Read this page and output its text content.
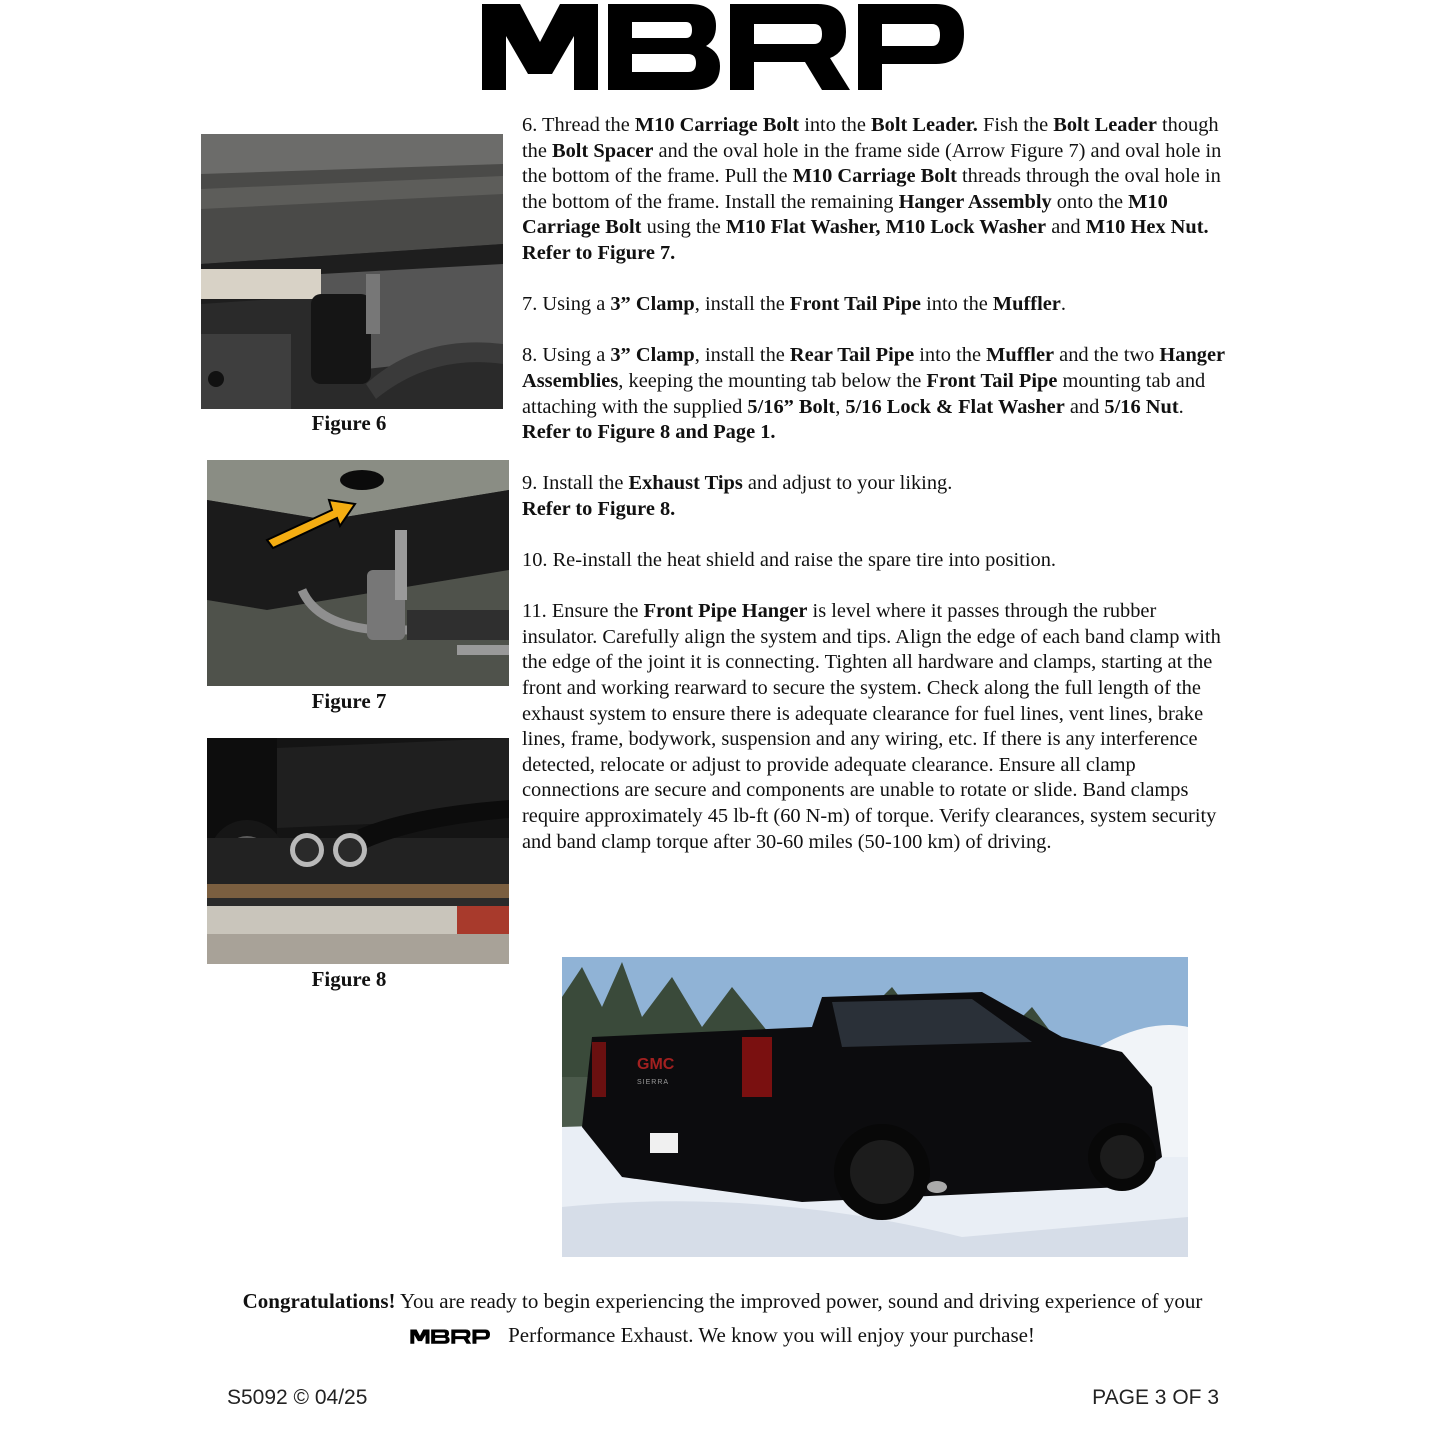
MBRP
Figure 6
Figure 7
Figure 8

6. Thread the M10 Carriage Bolt into the Bolt Leader. Fish the Bolt Leader though the Bolt Spacer and the oval hole in the frame side (Arrow Figure 7) and oval hole in the bottom of the frame. Pull the M10 Carriage Bolt threads through the oval hole in the bottom of the frame. Install the remaining Hanger Assembly onto the M10 Carriage Bolt using the M10 Flat Washer, M10 Lock Washer and M10 Hex Nut.
Refer to Figure 7.

7. Using a 3” Clamp, install the Front Tail Pipe into the Muffler.

8. Using a 3” Clamp, install the Rear Tail Pipe into the Muffler and the two Hanger Assemblies, keeping the mounting tab below the Front Tail Pipe mounting tab and attaching with the supplied 5/16” Bolt, 5/16 Lock & Flat Washer and 5/16 Nut.
Refer to Figure 8 and Page 1.

9. Install the Exhaust Tips and adjust to your liking.
Refer to Figure 8.

10. Re-install the heat shield and raise the spare tire into position.

11. Ensure the Front Pipe Hanger is level where it passes through the rubber insulator. Carefully align the system and tips. Align the edge of each band clamp with the edge of the joint it is connecting. Tighten all hardware and clamps, starting at the front and working rearward to secure the system. Check along the full length of the exhaust system to ensure there is adequate clearance for fuel lines, vent lines, brake lines, frame, bodywork, suspension and any wiring, etc. If there is any interference detected, relocate or adjust to provide adequate clearance. Ensure all clamp connections are secure and components are unable to rotate or slide. Band clamps require approximately 45 lb-ft (60 N-m) of torque. Verify clearances, system security and band clamp torque after 30-60 miles (50-100 km) of driving.

GMC
SIERRA
Congratulations! You are ready to begin experiencing the improved power, sound and driving experience of your
Performance Exhaust. We know you will enjoy your purchase!
S5092 © 04/25	PAGE 3 OF 3
